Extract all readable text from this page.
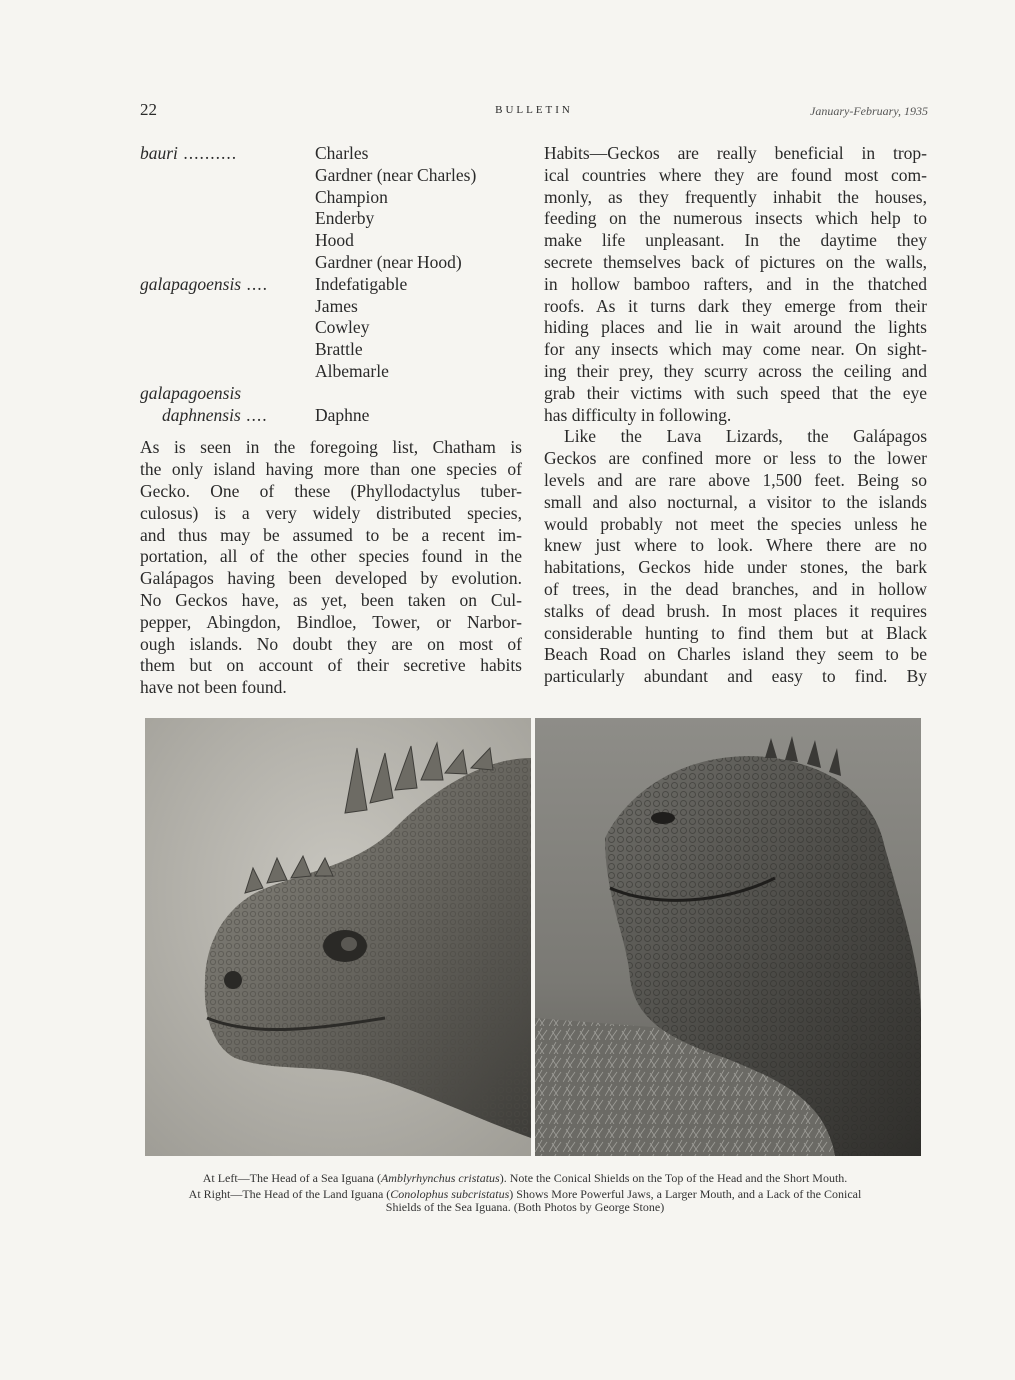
22	BULLETIN	January-February, 1935
bauri ..........	Charles
Gardner (near Charles)
Champion
Enderby
Hood
Gardner (near Hood)
galapagoensis ....	Indefatigable
James
Cowley
Brattle
Albemarle
galapagoensis
daphnensis ....	Daphne
As is seen in the foregoing list, Chatham is
the only island having more than one species of
Gecko. One of these (Phyllodactylus tuber-
culosus) is a very widely distributed species,
and thus may be assumed to be a recent im-
portation, all of the other species found in the
Galápagos having been developed by evolution.
No Geckos have, as yet, been taken on Cul-
pepper, Abingdon, Bindloe, Tower, or Narbor-
ough islands. No doubt they are on most of
them but on account of their secretive habits
have not been found.
Habits—Geckos are really beneficial in trop-
ical countries where they are found most com-
monly, as they frequently inhabit the houses,
feeding on the numerous insects which help to
make life unpleasant. In the daytime they
secrete themselves back of pictures on the walls,
in hollow bamboo rafters, and in the thatched
roofs. As it turns dark they emerge from their
hiding places and lie in wait around the lights
for any insects which may come near. On sight-
ing their prey, they scurry across the ceiling and
grab their victims with such speed that the eye
has difficulty in following.
Like the Lava Lizards, the Galápagos
Geckos are confined more or less to the lower
levels and are rare above 1,500 feet. Being so
small and also nocturnal, a visitor to the islands
would probably not meet the species unless he
knew just where to look. Where there are no
habitations, Geckos hide under stones, the bark
of trees, in the dead branches, and in hollow
stalks of dead brush. In most places it requires
considerable hunting to find them but at Black
Beach Road on Charles island they seem to be
particularly abundant and easy to find. By

At Left—The Head of a Sea Iguana (Amblyrhynchus cristatus). Note the Conical Shields on the Top of the Head and the Short Mouth.

At Right—The Head of the Land Iguana (Conolophus subcristatus) Shows More Powerful Jaws, a Larger Mouth, and a Lack of the Conical Shields of the Sea Iguana. (Both Photos by George Stone)
